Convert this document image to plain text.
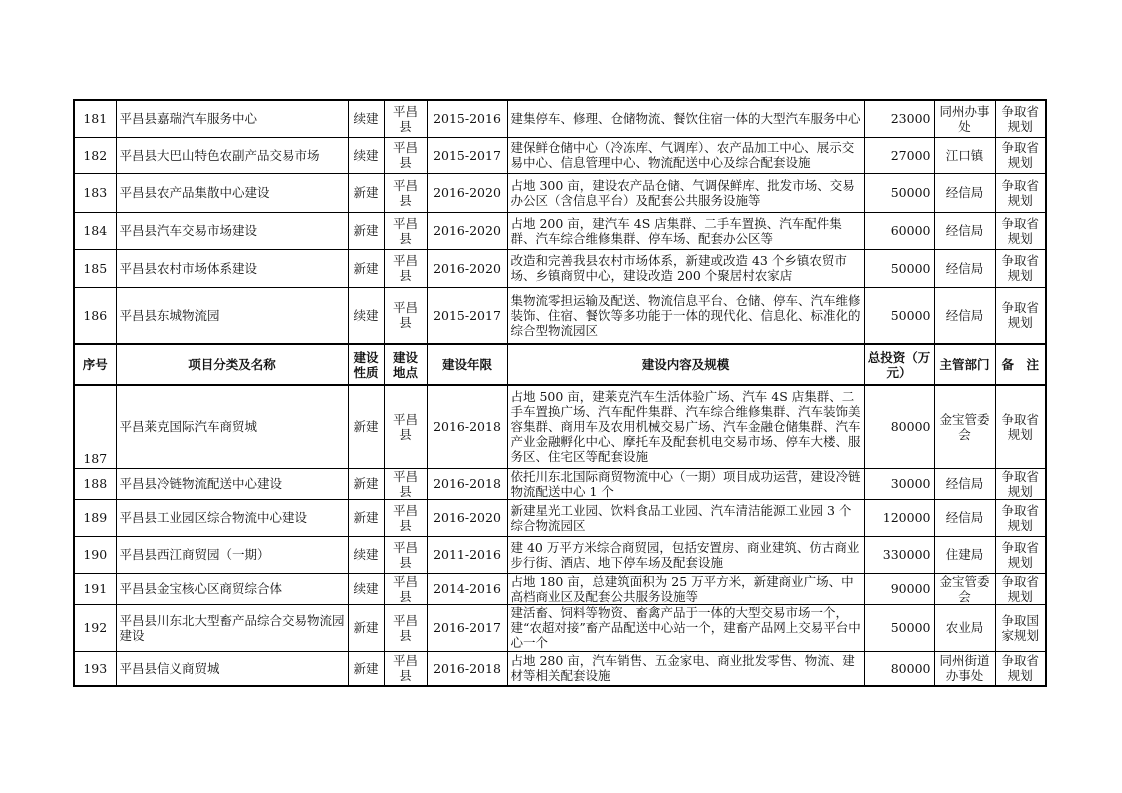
181	平昌县嘉瑞汽车服务中心	续建	平昌县	2015-2016	建集停车、修理、仓储物流、餐饮住宿一体的大型汽车服务中心	23000	同州办事处	争取省规划
182	平昌县大巴山特色农副产品交易市场	续建	平昌县	2015-2017	建保鲜仓储中心（冷冻库、气调库）、农产品加工中心、展示交易中心、信息管理中心、物流配送中心及综合配套设施	27000	江口镇	争取省规划
183	平昌县农产品集散中心建设	新建	平昌县	2016-2020	占地 300 亩，建设农产品仓储、气调保鲜库、批发市场、交易办公区（含信息平台）及配套公共服务设施等	50000	经信局	争取省规划
184	平昌县汽车交易市场建设	新建	平昌县	2016-2020	占地 200 亩，建汽车 4S 店集群、二手车置换、汽车配件集群、汽车综合维修集群、停车场、配套办公区等	60000	经信局	争取省规划
185	平昌县农村市场体系建设	新建	平昌县	2016-2020	改造和完善我县农村市场体系，新建或改造 43 个乡镇农贸市场、乡镇商贸中心，建设改造 200 个聚居村农家店	50000	经信局	争取省规划
186	平昌县东城物流园	续建	平昌县	2015-2017	集物流零担运输及配送、物流信息平台、仓储、停车、汽车维修装饰、住宿、餐饮等多功能于一体的现代化、信息化、标准化的综合型物流园区	50000	经信局	争取省规划
序号	项目分类及名称	建设性质	建设地点	建设年限	建设内容及规模	总投资（万元）	主管部门	备　注
187	平昌莱克国际汽车商贸城	新建	平昌县	2016-2018	占地 500 亩，建莱克汽车生活体验广场、汽车 4S 店集群、二手车置换广场、汽车配件集群、汽车综合维修集群、汽车装饰美容集群、商用车及农用机械交易广场、汽车金融仓储集群、汽车产业金融孵化中心、摩托车及配套机电交易市场、停车大楼、服务区、住宅区等配套设施	80000	金宝管委会	争取省规划
188	平昌县冷链物流配送中心建设	新建	平昌县	2016-2018	依托川东北国际商贸物流中心（一期）项目成功运营，建设冷链物流配送中心 1 个	30000	经信局	争取省规划
189	平昌县工业园区综合物流中心建设	新建	平昌县	2016-2020	新建星光工业园、饮料食品工业园、汽车清洁能源工业园 3 个综合物流园区	120000	经信局	争取省规划
190	平昌县西江商贸园（一期）	续建	平昌县	2011-2016	建 40 万平方米综合商贸园，包括安置房、商业建筑、仿古商业步行街、酒店、地下停车场及配套设施	330000	住建局	争取省规划
191	平昌县金宝核心区商贸综合体	续建	平昌县	2014-2016	占地 180 亩，总建筑面积为 25 万平方米，新建商业广场、中高档商业区及配套公共服务设施等	90000	金宝管委会	争取省规划
192	平昌县川东北大型畜产品综合交易物流园建设	新建	平昌县	2016-2017	建活畜、饲料等物资、畜禽产品于一体的大型交易市场一个，建“农超对接”畜产品配送中心站一个，建畜产品网上交易平台中心一个	50000	农业局	争取国家规划
193	平昌县信义商贸城	新建	平昌县	2016-2018	占地 280 亩，汽车销售、五金家电、商业批发零售、物流、建材等相关配套设施	80000	同州街道办事处	争取省规划
